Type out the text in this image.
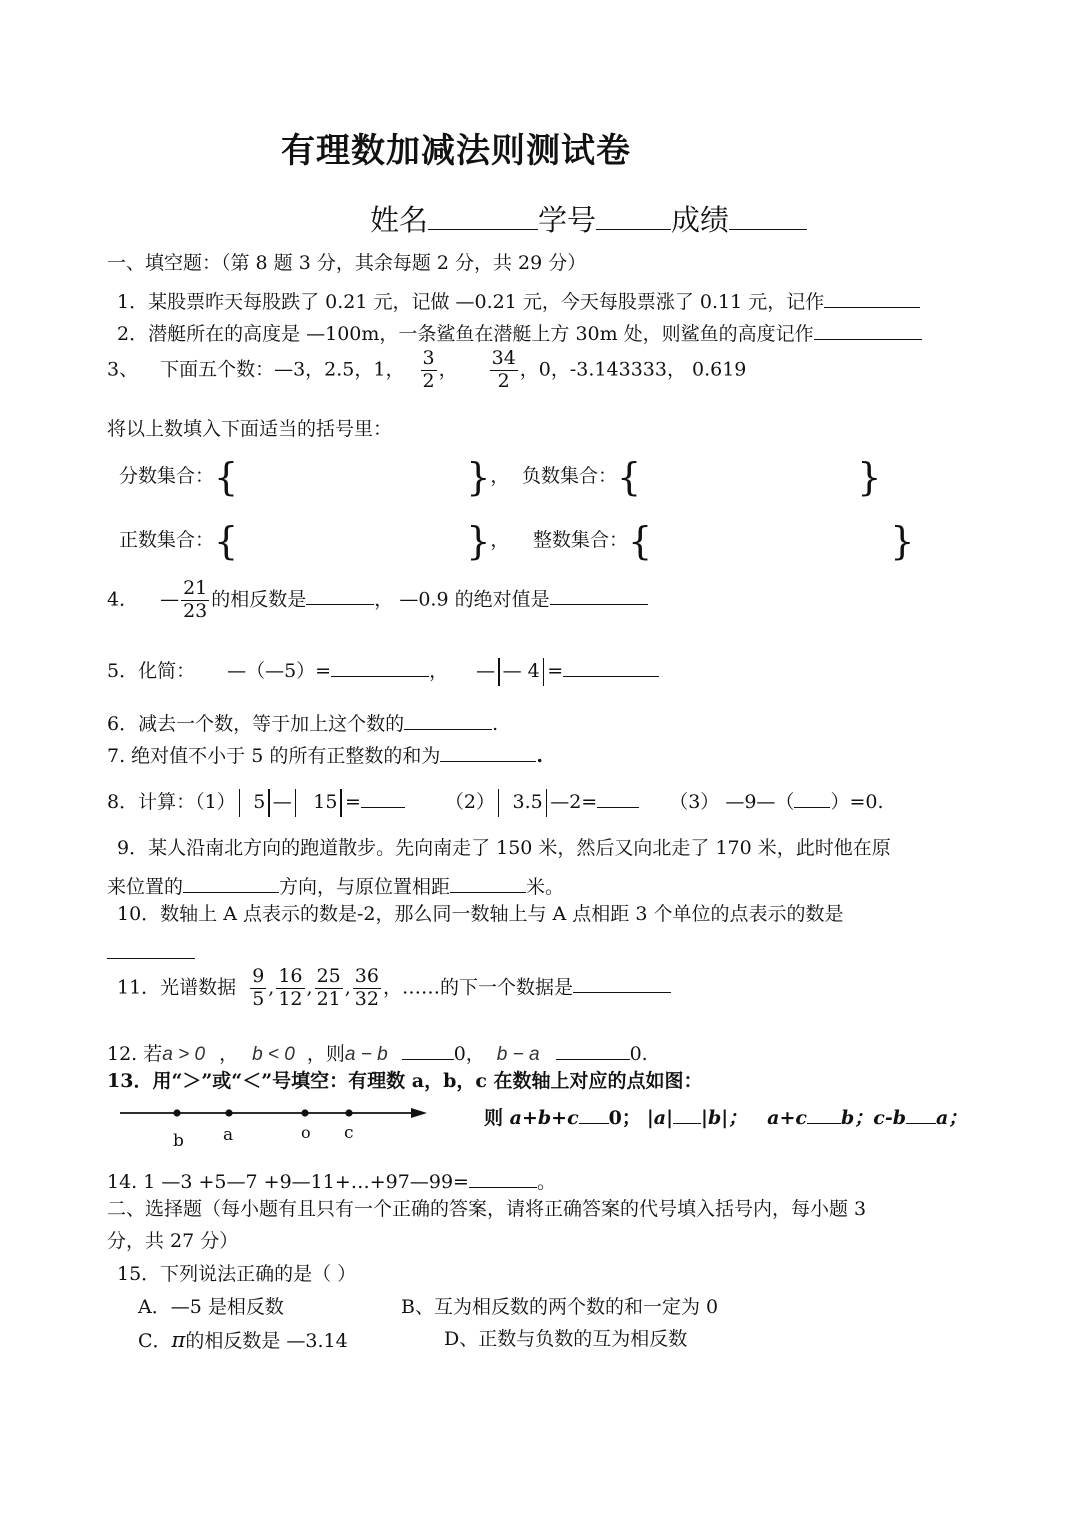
有理数加减法则测试卷
姓名	学号	成绩
一、填空题：（第 8 题 3 分，其余每题 2 分，共 29 分）
1．某股票昨天每股跌了 0.21 元，记做 —0.21 元，今天每股票涨了 0.11 元，记作
2．潜艇所在的高度是 —100m，一条鲨鱼在潜艇上方 30m 处，则鲨鱼的高度记作
3、 下面五个数：—3，2.5，1， $\frac{3}{2}$ ， $\frac{34}{2}$ ，0，-3.143333， 0.619
将以上数填入下面适当的括号里：
分数集合：{	}， 负数集合：{	}
正数集合：{	}， 整数集合：{	}
4． — $\frac{21}{23}$ 的相反数是	， —0.9 的绝对值是
5．化简： —（—5）=	， — — 4 =
6．减去一个数，等于加上这个数的	.
7. 绝对值不小于 5 的所有正整数的和为	.
8．计算：（1） 5 — 15 =	（2） 3.5 —2=	（3） —9—（ ）=0.
9．某人沿南北方向的跑道散步。先向南走了 150 米，然后又向北走了 170 米，此时他在原
来位置的	方向，与原位置相距	米。
10．数轴上 A 点表示的数是-2，那么同一数轴上与 A 点相距 3 个单位的点表示的数是
11．光谱数据 $\frac{9}{5}$ , $\frac{16}{12}$ , $\frac{25}{21}$ , $\frac{36}{32}$ ，……的下一个数据是
12. 若a > 0 ， b < 0 ，则a − b	0， b − a	0.
13．用“＞”或“＜”号填空：有理数 a，b，c 在数轴上对应的点如图：
b a	o c
则 a+b+c 0； |a| |b|； a+c b；c-b a；
14. 1 —3 +5—7 +9—11+…+97—99=	。
二、选择题（每小题有且只有一个正确的答案，请将正确答案的代号填入括号内，每小题 3
分，共 27 分）
15．下列说法正确的是（ ）
A．—5 是相反数	B、互为相反数的两个数的和一定为 0
C．π的相反数是 —3.14	D、正数与负数的互为相反数
